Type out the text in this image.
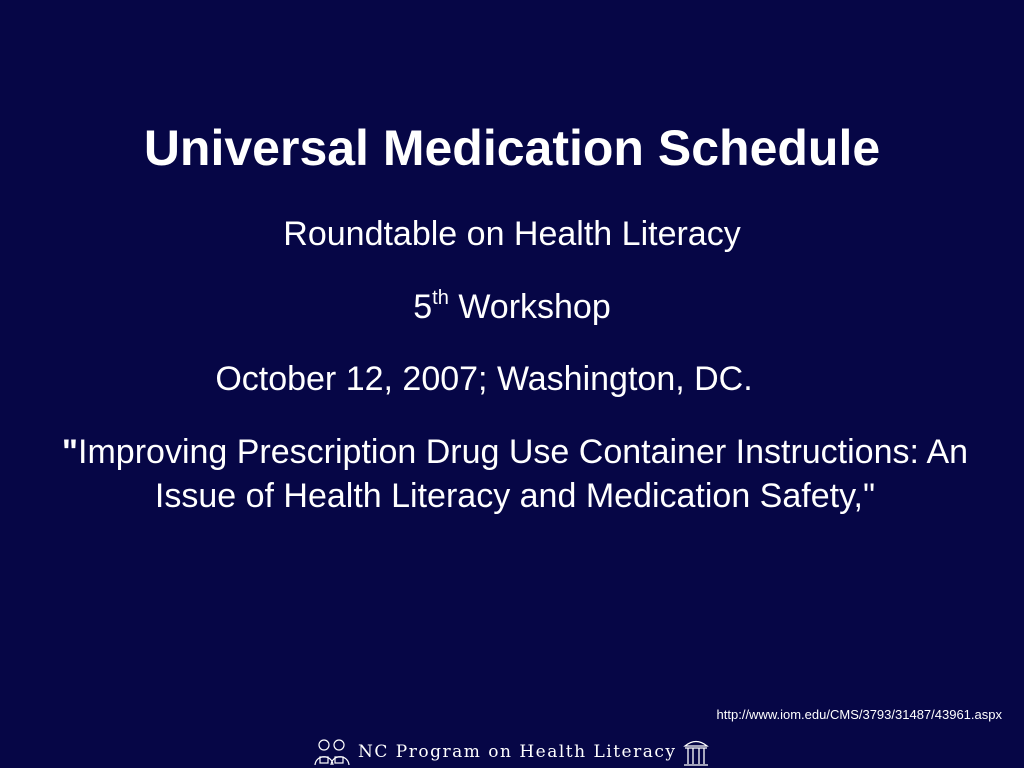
Universal Medication Schedule
Roundtable on Health Literacy
5th Workshop
October 12, 2007; Washington, DC.
"Improving Prescription Drug Use Container Instructions: An Issue of Health Literacy and Medication Safety,"
http://www.iom.edu/CMS/3793/31487/43961.aspx
NC Program on Health Literacy
